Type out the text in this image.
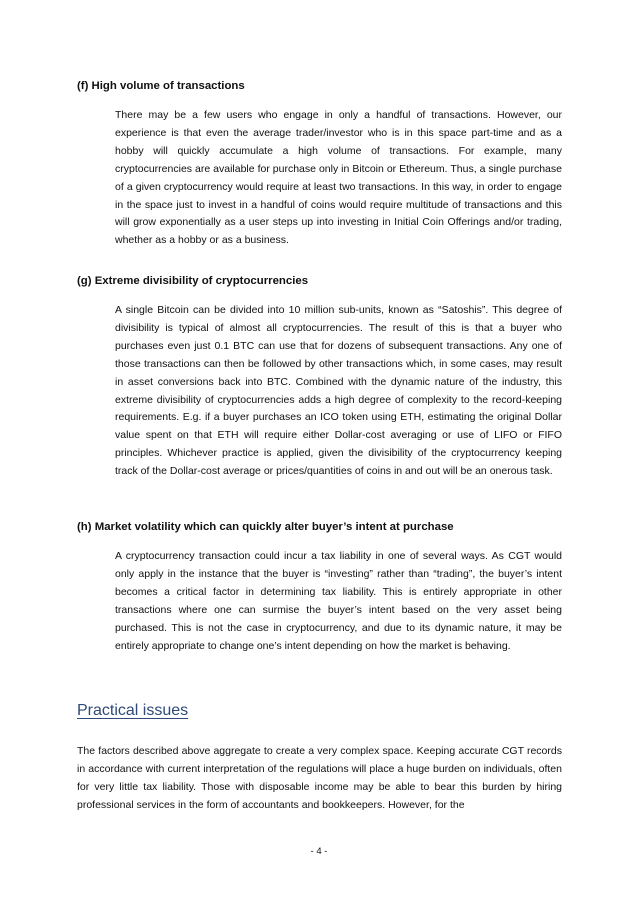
(f) High volume of transactions

There may be a few users who engage in only a handful of transactions. However, our experience is that even the average trader/investor who is in this space part-time and as a hobby will quickly accumulate a high volume of transactions. For example, many cryptocurrencies are available for purchase only in Bitcoin or Ethereum. Thus, a single purchase of a given cryptocurrency would require at least two transactions. In this way, in order to engage in the space just to invest in a handful of coins would require multitude of transactions and this will grow exponentially as a user steps up into investing in Initial Coin Offerings and/or trading, whether as a hobby or as a business.

(g) Extreme divisibility of cryptocurrencies

A single Bitcoin can be divided into 10 million sub-units, known as “Satoshis”. This degree of divisibility is typical of almost all cryptocurrencies. The result of this is that a buyer who purchases even just 0.1 BTC can use that for dozens of subsequent transactions. Any one of those transactions can then be followed by other transactions which, in some cases, may result in asset conversions back into BTC. Combined with the dynamic nature of the industry, this extreme divisibility of cryptocurrencies adds a high degree of complexity to the record-keeping requirements. E.g. if a buyer purchases an ICO token using ETH, estimating the original Dollar value spent on that ETH will require either Dollar-cost averaging or use of LIFO or FIFO principles. Whichever practice is applied, given the divisibility of the cryptocurrency keeping track of the Dollar-cost average or prices/quantities of coins in and out will be an onerous task.

(h) Market volatility which can quickly alter buyer’s intent at purchase

A cryptocurrency transaction could incur a tax liability in one of several ways. As CGT would only apply in the instance that the buyer is “investing” rather than “trading”, the buyer’s intent becomes a critical factor in determining tax liability. This is entirely appropriate in other transactions where one can surmise the buyer’s intent based on the very asset being purchased. This is not the case in cryptocurrency, and due to its dynamic nature, it may be entirely appropriate to change one’s intent depending on how the market is behaving.

Practical issues

The factors described above aggregate to create a very complex space. Keeping accurate CGT records in accordance with current interpretation of the regulations will place a huge burden on individuals, often for very little tax liability. Those with disposable income may be able to bear this burden by hiring professional services in the form of accountants and bookkeepers. However, for the

- 4 -
